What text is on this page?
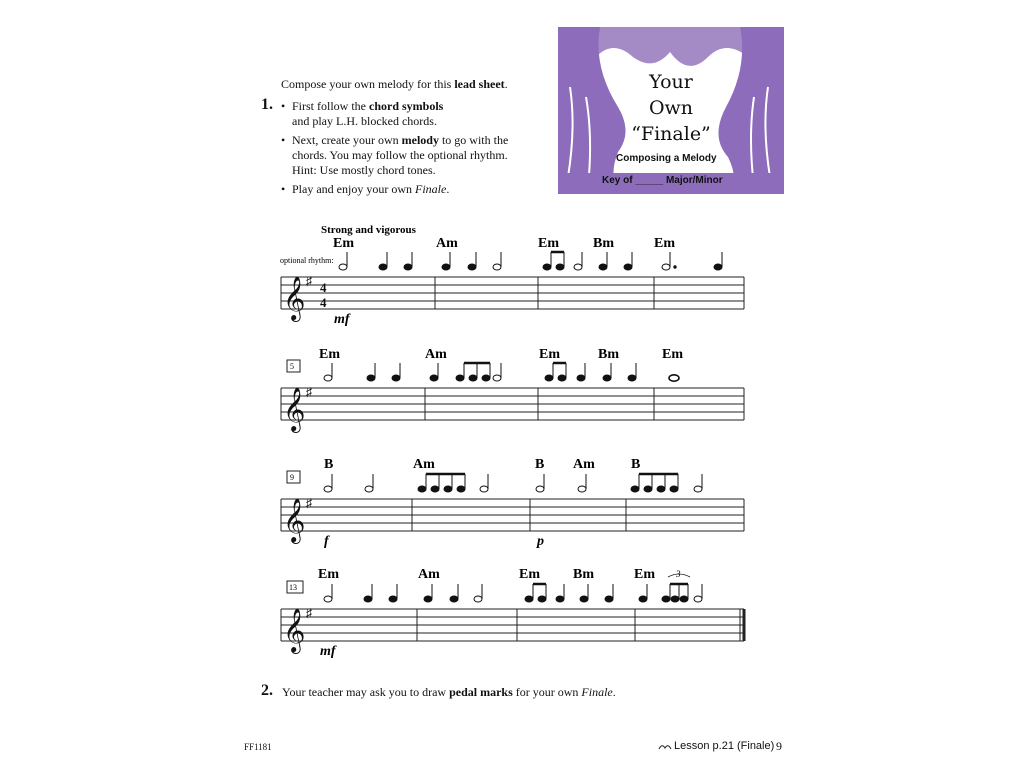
Compose your own melody for this lead sheet.
1.
•	First follow the chord symbols
and play L.H. blocked chords.
• Next, create your own melody to go with the chords. You may follow the optional rhythm. Hint: Use mostly chord tones.
• Play and enjoy your own Finale.
Your
Own
“Finale”
Composing a Melody
Key of _____ Major/Minor
𝄞
𝄞
𝄞
𝄞
♯
♯
♯
♯
4
4
Strong and vigorous
optional rhythm:
3
Em	Am	Em Bm	Em
Em	Am	Em	Bm	Em
B	Am	B Am	B
Em	Am	Em Bm	Em
mf
f	p
mf
5
9
13
2. Your teacher may ask you to draw pedal marks for your own Finale.
FF1181	Lesson p.21 (Finale) 9
